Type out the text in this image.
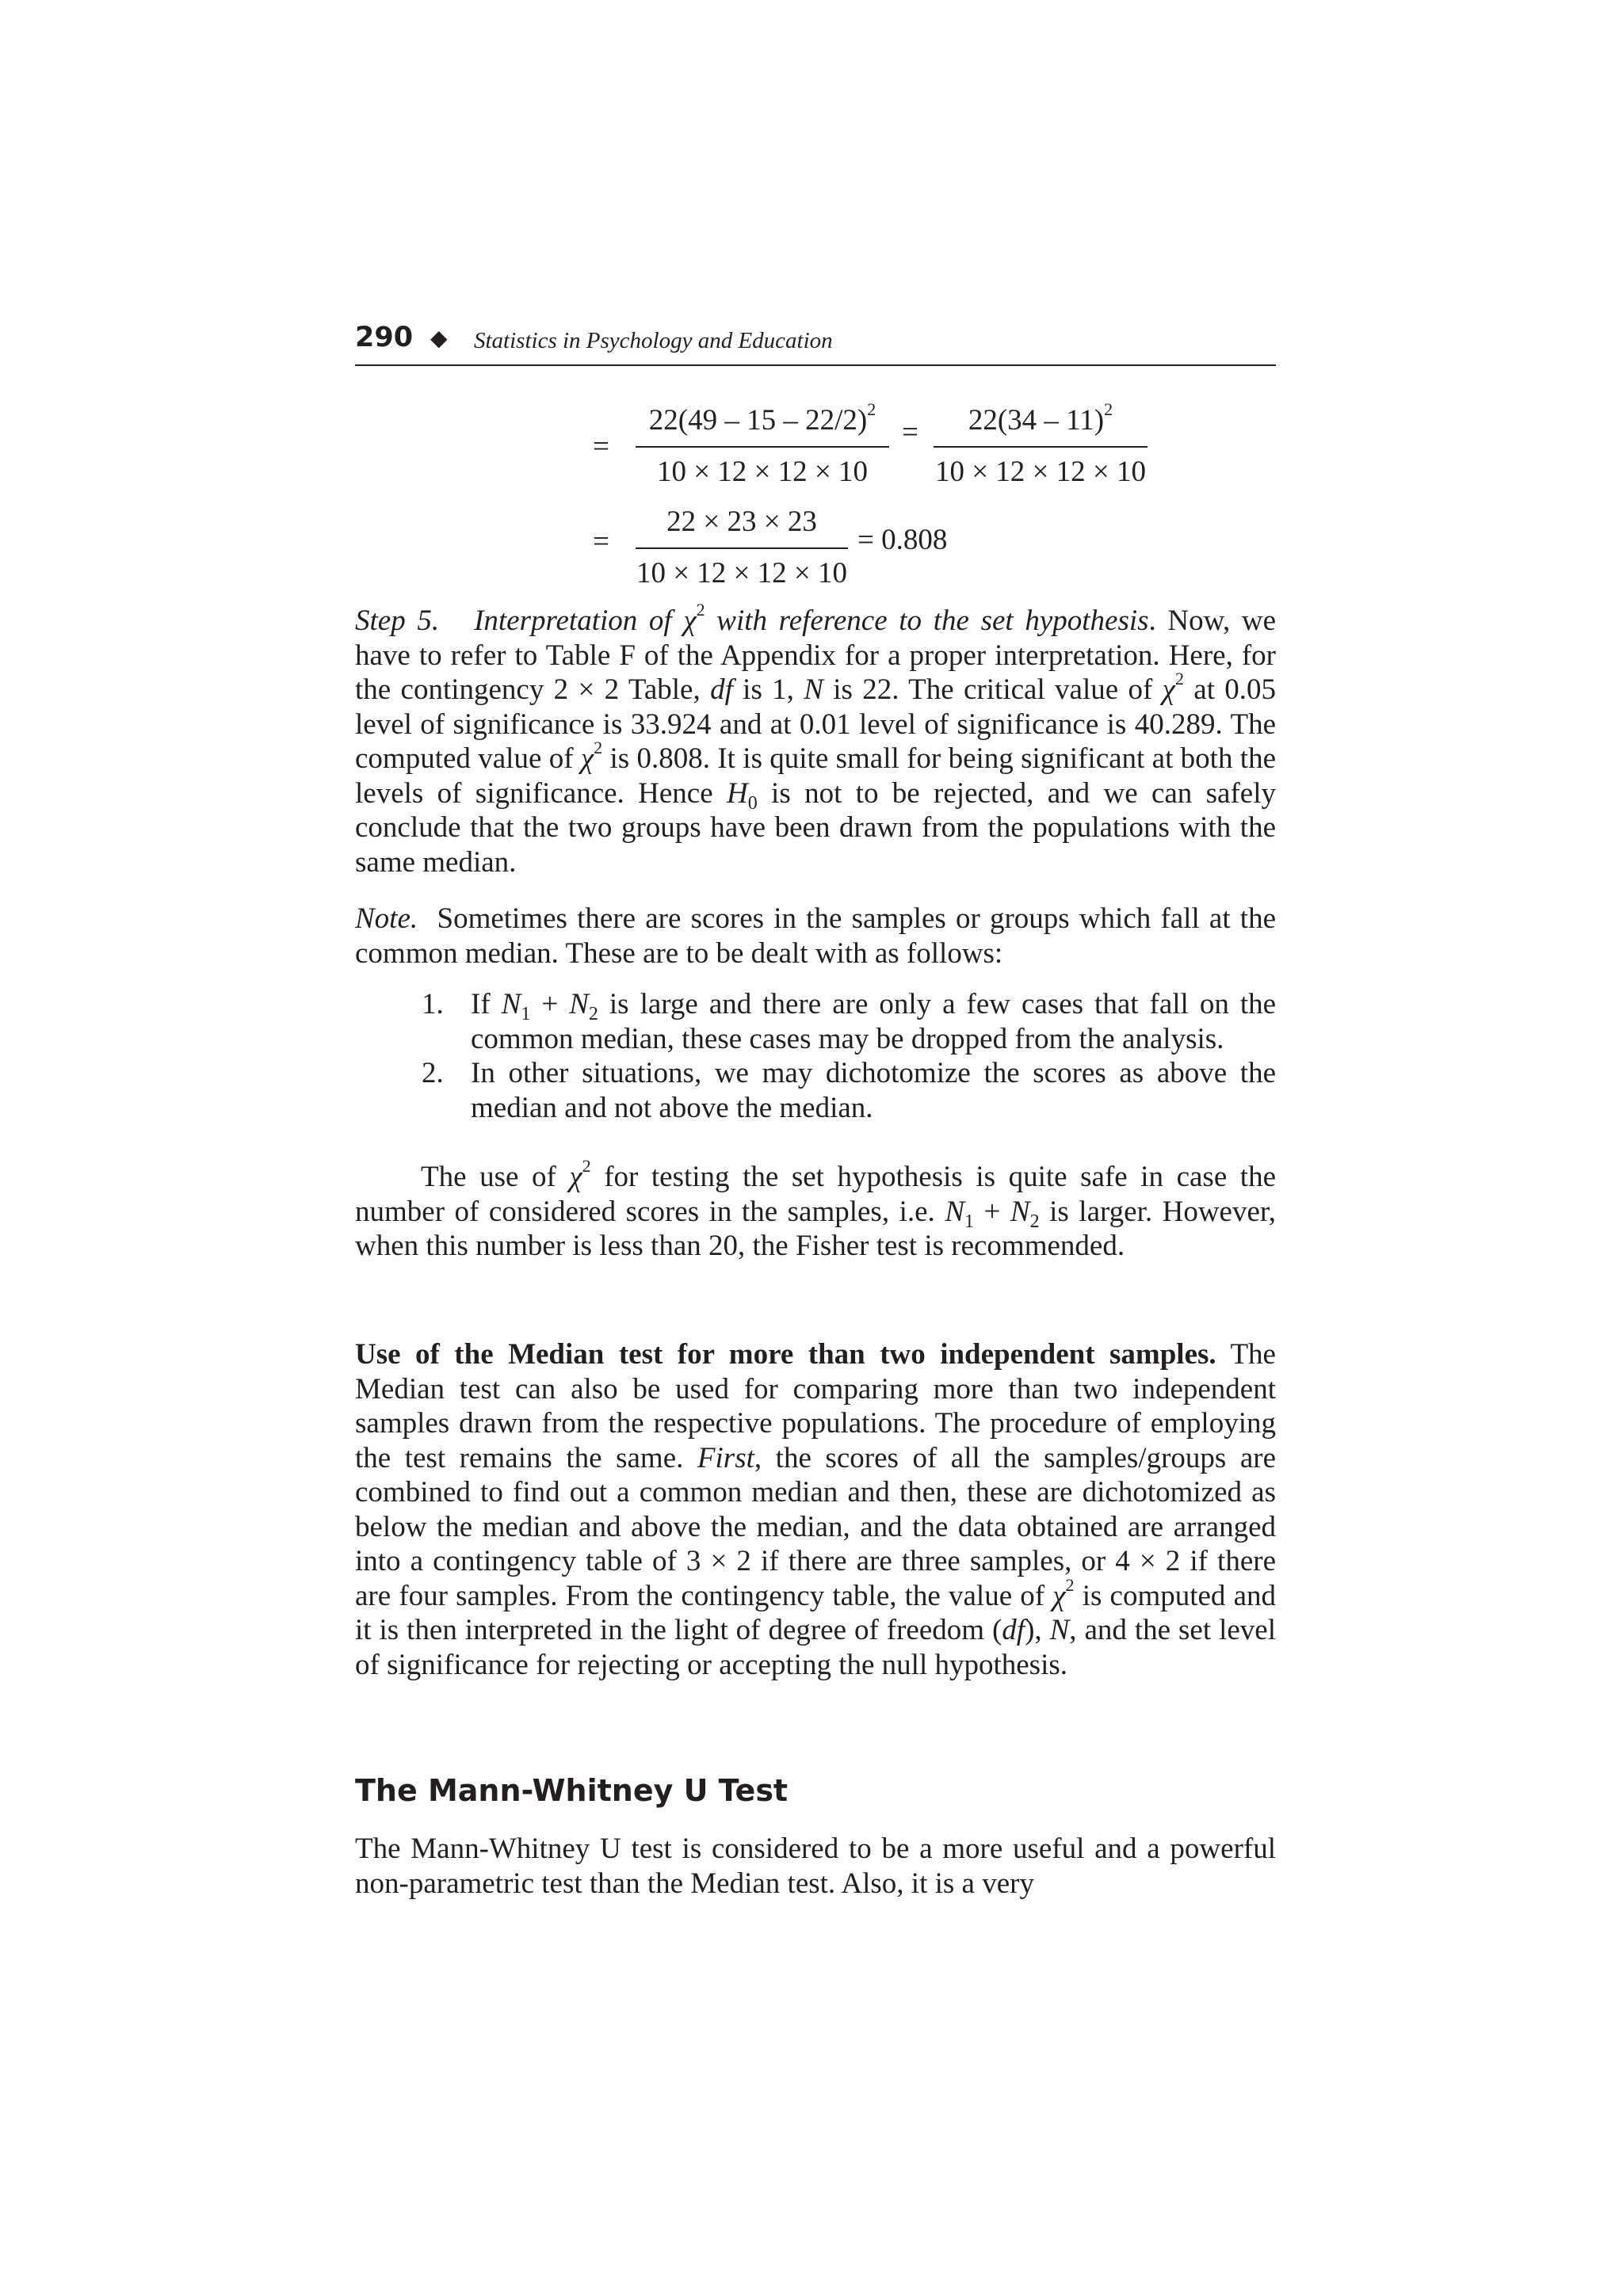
290 ◆ Statistics in Psychology and Education
= $\frac{22(49 - 15 - 22/2)^2}{10 \times 12 \times 12 \times 10} = \frac{22(34 - 11)^2}{10 \times 12 \times 12 \times 10}$
= $\frac{22 \times 23 \times 23}{10 \times 12 \times 12 \times 10} = 0.808$

Step 5. Interpretation of $\chi^2$ with reference to the set hypothesis. Now, we have to refer to Table F of the Appendix for a proper interpretation. Here, for the contingency 2 × 2 Table, df is 1, N is 22. The critical value of $\chi^2$ at 0.05 level of significance is 33.924 and at 0.01 level of significance is 40.289. The computed value of $\chi^2$ is 0.808. It is quite small for being significant at both the levels of significance. Hence $H_0$ is not to be rejected, and we can safely conclude that the two groups have been drawn from the populations with the same median.

Note. Sometimes there are scores in the samples or groups which fall at the common median. These are to be dealt with as follows:

1. If $N_1 + N_2$ is large and there are only a few cases that fall on the common median, these cases may be dropped from the analysis.
2. In other situations, we may dichotomize the scores as above the median and not above the median.

The use of $\chi^2$ for testing the set hypothesis is quite safe in case the number of considered scores in the samples, i.e. $N_1 + N_2$ is larger. However, when this number is less than 20, the Fisher test is recommended.

Use of the Median test for more than two independent samples. The Median test can also be used for comparing more than two independent samples drawn from the respective populations. The procedure of employing the test remains the same. First, the scores of all the samples/groups are combined to find out a common median and then, these are dichotomized as below the median and above the median, and the data obtained are arranged into a contingency table of 3 × 2 if there are three samples, or 4 × 2 if there are four samples. From the contingency table, the value of $\chi^2$ is computed and it is then interpreted in the light of degree of freedom (df), N, and the set level of significance for rejecting or accepting the null hypothesis.

The Mann-Whitney U Test

The Mann-Whitney U test is considered to be a more useful and a powerful non-parametric test than the Median test. Also, it is a very
